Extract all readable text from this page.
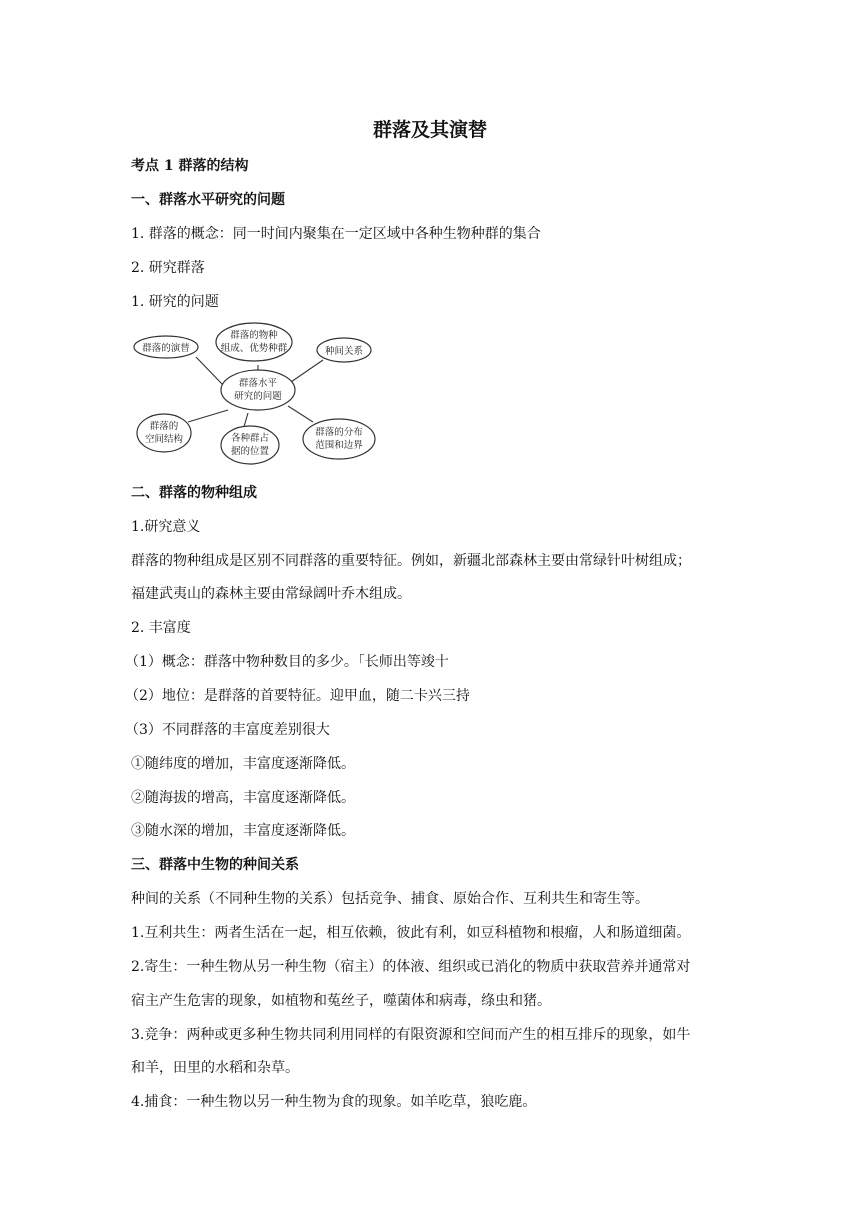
群落及其演替
考点 1 群落的结构
一、群落水平研究的问题
1. 群落的概念：同一时间内聚集在一定区域中各种生物种群的集合
2. 研究群落
1. 研究的问题
群落水平
研究的问题
群落的演替
群落的物种
组成、优势种群	种间关系
群落的
空间结构	各种群占
据的位置
群落的分布
范围和边界
二、群落的物种组成
1.研究意义
群落的物种组成是区别不同群落的重要特征。例如，新疆北部森林主要由常绿针叶树组成；
福建武夷山的森林主要由常绿阔叶乔木组成。
2. 丰富度
（1）概念：群落中物种数目的多少。「长师出等竣十
（2）地位：是群落的首要特征。迎甲血，随二卡兴三持
（3）不同群落的丰富度差别很大
①随纬度的增加，丰富度逐渐降低。
②随海拔的增高，丰富度逐渐降低。
③随水深的增加，丰富度逐渐降低。
三、群落中生物的种间关系
种间的关系（不同种生物的关系）包括竞争、捕食、原始合作、互利共生和寄生等。
1.互利共生：两者生活在一起，相互依赖，彼此有利，如豆科植物和根瘤，人和肠道细菌。
2.寄生：一种生物从另一种生物（宿主）的体液、组织或已消化的物质中获取营养并通常对
宿主产生危害的现象，如植物和菟丝子，噬菌体和病毒，绦虫和猪。
3.竞争：两种或更多种生物共同利用同样的有限资源和空间而产生的相互排斥的现象，如牛
和羊，田里的水稻和杂草。
4.捕食：一种生物以另一种生物为食的现象。如羊吃草，狼吃鹿。
